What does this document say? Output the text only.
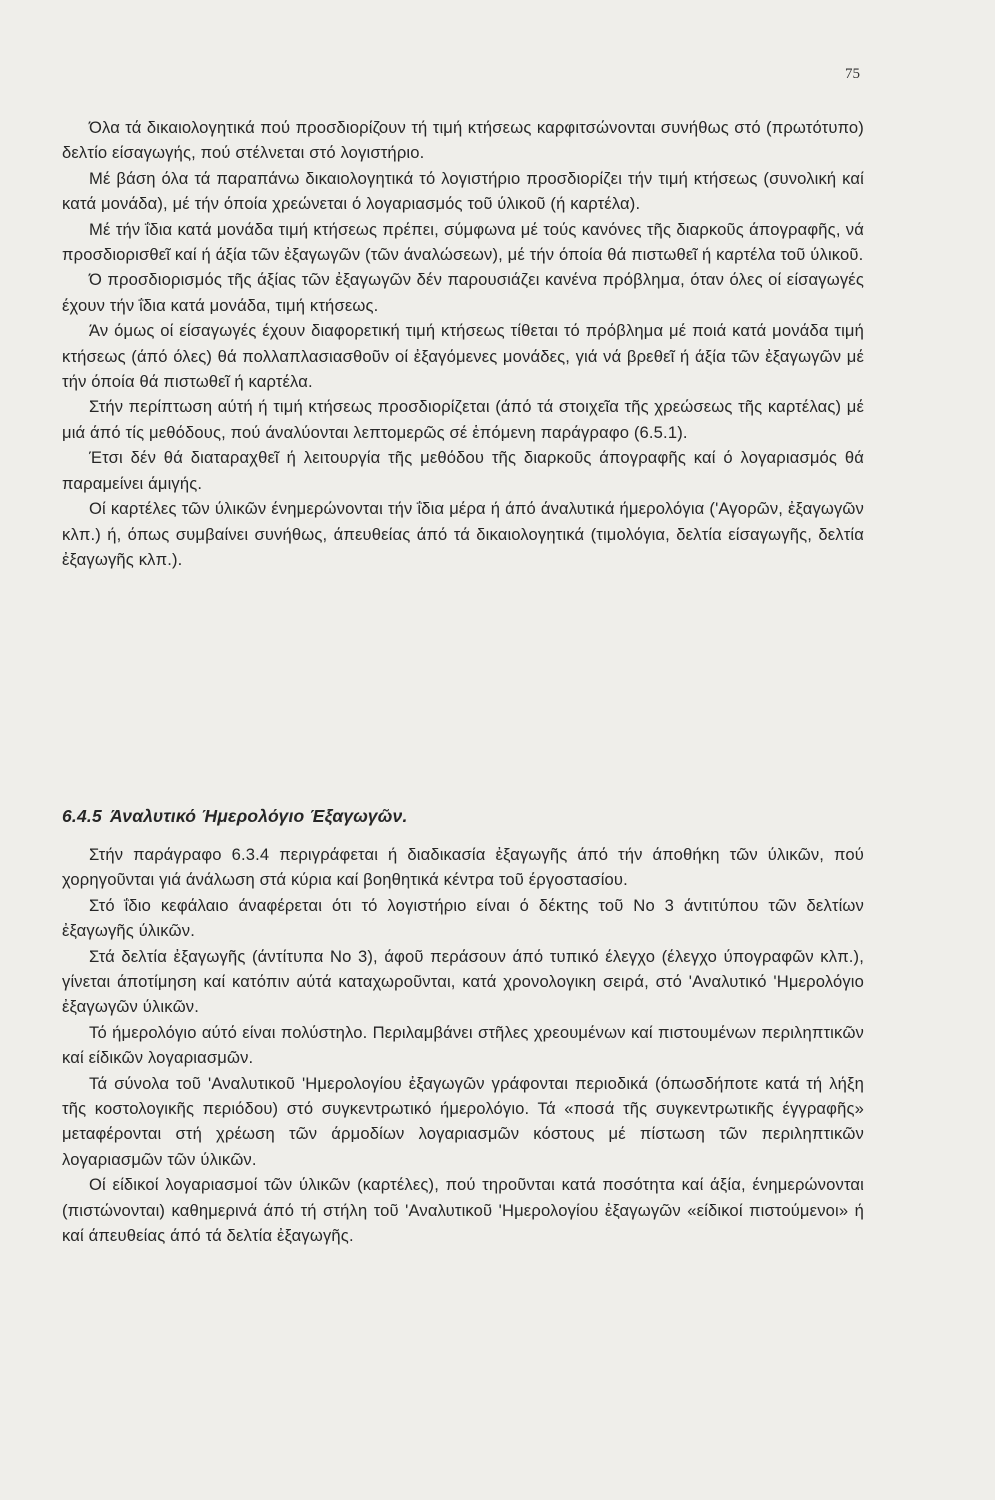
75

Όλα τά δικαιολογητικά πού προσδιορίζουν τή τιμή κτήσεως καρφιτσώνονται συνήθως στό (πρωτότυπο) δελτίο είσαγωγής, πού στέλνεται στό λογιστήριο.

Μέ βάση όλα τά παραπάνω δικαιολογητικά τό λογιστήριο προσδιορίζει τήν τιμή κτήσεως (συνολική καί κατά μονάδα), μέ τήν όποία χρεώνεται ό λογαριασμός τοῦ ύλικοῦ (ή καρτέλα).

Μέ τήν ΐδια κατά μονάδα τιμή κτήσεως πρέπει, σύμφωνα μέ τούς κανόνες τῆς διαρκοῦς άπογραφῆς, νά προσδιορισθεῖ καί ή άξία τῶν ἐξαγωγῶν (τῶν άναλώσεων), μέ τήν όποία θά πιστωθεῖ ή καρτέλα τοῦ ύλικοῦ.

Ό προσδιορισμός τῆς άξίας τῶν ἐξαγωγῶν δέν παρουσιάζει κανένα πρόβλημα, όταν όλες οί είσαγωγές έχουν τήν ΐδια κατά μονάδα, τιμή κτήσεως.

Άν όμως οί είσαγωγές έχουν διαφορετική τιμή κτήσεως τίθεται τό πρόβλημα μέ ποιά κατά μονάδα τιμή κτήσεως (άπό όλες) θά πολλαπλασιασθοῦν οί ἐξαγόμενες μονάδες, γιά νά βρεθεῖ ή άξία τῶν ἐξαγωγῶν μέ τήν όποία θά πιστωθεῖ ή καρτέλα.

Στήν περίπτωση αύτή ή τιμή κτήσεως προσδιορίζεται (άπό τά στοιχεῖα τῆς χρεώσεως τῆς καρτέλας) μέ μιά άπό τίς μεθόδους, πού άναλύονται λεπτομερῶς σέ ἑπόμενη παράγραφο (6.5.1).

Έτσι δέν θά διαταραχθεῖ ή λειτουργία τῆς μεθόδου τῆς διαρκοῦς άπογραφῆς καί ό λογαριασμός θά παραμείνει άμιγής.

Οί καρτέλες τῶν ύλικῶν ένημερώνονται τήν ΐδια μέρα ή άπό άναλυτικά ήμερολόγια ('Αγορῶν, ἐξαγωγῶν κλπ.) ή, όπως συμβαίνει συνήθως, άπευθείας άπό τά δικαιολογητικά (τιμολόγια, δελτία είσαγωγῆς, δελτία ἐξαγωγῆς κλπ.).

6.4.5 Άναλυτικό Ήμερολόγιο Έξαγωγῶν.

Στήν παράγραφο 6.3.4 περιγράφεται ή διαδικασία ἐξαγωγῆς άπό τήν άποθήκη τῶν ύλικῶν, πού χορηγοῦνται γιά άνάλωση στά κύρια καί βοηθητικά κέντρα τοῦ έργοστασίου.

Στό ΐδιο κεφάλαιο άναφέρεται ότι τό λογιστήριο είναι ό δέκτης τοῦ Νο 3 άντιτύπου τῶν δελτίων ἐξαγωγῆς ύλικῶν.

Στά δελτία ἐξαγωγῆς (άντίτυπα Νο 3), άφοῦ περάσουν άπό τυπικό έλεγχο (έλεγχο ύπογραφῶν κλπ.), γίνεται άποτίμηση καί κατόπιν αύτά καταχωροῦνται, κατά χρονολογικη σειρά, στό 'Αναλυτικό 'Ημερολόγιο ἐξαγωγῶν ύλικῶν.

Τό ήμερολόγιο αύτό είναι πολύστηλο. Περιλαμβάνει στῆλες χρεουμένων καί πιστουμένων περιληπτικῶν καί είδικῶν λογαριασμῶν.

Τά σύνολα τοῦ 'Αναλυτικοῦ 'Ημερολογίου ἐξαγωγῶν γράφονται περιοδικά (όπωσδήποτε κατά τή λήξη τῆς κοστολογικῆς περιόδου) στό συγκεντρωτικό ήμερολόγιο. Τά «ποσά τῆς συγκεντρωτικῆς έγγραφῆς» μεταφέρονται στή χρέωση τῶν άρμοδίων λογαριασμῶν κόστους μέ πίστωση τῶν περιληπτικῶν λογαριασμῶν τῶν ύλικῶν.

Οί είδικοί λογαριασμοί τῶν ύλικῶν (καρτέλες), πού τηροῦνται κατά ποσότητα καί άξία, ένημερώνονται (πιστώνονται) καθημερινά άπό τή στήλη τοῦ 'Αναλυτικοῦ 'Ημερολογίου ἐξαγωγῶν «είδικοί πιστούμενοι» ή καί άπευθείας άπό τά δελτία ἐξαγωγῆς.
